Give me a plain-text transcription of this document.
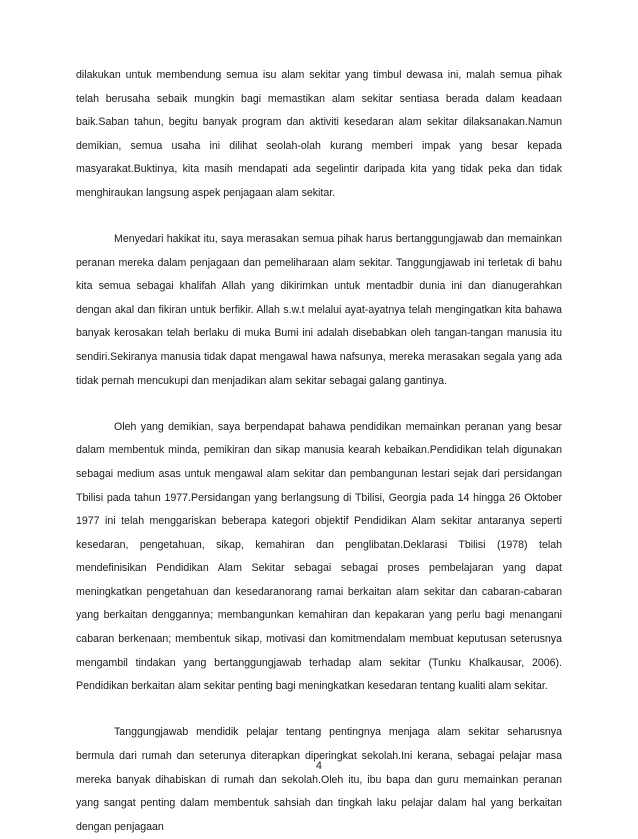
dilakukan untuk membendung semua isu alam sekitar yang timbul dewasa ini, malah semua pihak telah berusaha sebaik mungkin bagi memastikan alam sekitar sentiasa berada dalam keadaan baik.Saban tahun, begitu banyak program dan aktiviti kesedaran alam sekitar dilaksanakan.Namun demikian, semua usaha ini dilihat seolah-olah kurang memberi impak yang besar kepada masyarakat.Buktinya, kita masih mendapati ada segelintir daripada kita yang tidak peka dan tidak menghiraukan langsung aspek penjagaan alam sekitar.

Menyedari hakikat itu, saya merasakan semua pihak harus bertanggungjawab dan memainkan peranan mereka dalam penjagaan dan pemeliharaan alam sekitar. Tanggungjawab ini terletak di bahu kita semua sebagai khalifah Allah yang dikirimkan untuk mentadbir dunia ini dan dianugerahkan dengan akal dan fikiran untuk berfikir. Allah s.w.t melalui ayat-ayatnya telah mengingatkan kita bahawa banyak kerosakan telah berlaku di muka Bumi ini adalah disebabkan oleh tangan-tangan manusia itu sendiri.Sekiranya manusia tidak dapat mengawal hawa nafsunya, mereka merasakan segala yang ada tidak pernah mencukupi dan menjadikan alam sekitar sebagai galang gantinya.

Oleh yang demikian, saya berpendapat bahawa pendidikan memainkan peranan yang besar dalam membentuk minda, pemikiran dan sikap manusia kearah kebaikan.Pendidikan telah digunakan sebagai medium asas untuk mengawal alam sekitar dan pembangunan lestari sejak dari persidangan Tbilisi pada tahun 1977.Persidangan yang berlangsung di Tbilisi, Georgia pada 14 hingga 26 Oktober 1977 ini telah menggariskan beberapa kategori objektif Pendidikan Alam sekitar antaranya seperti kesedaran, pengetahuan, sikap, kemahiran dan penglibatan.Deklarasi Tbilisi (1978) telah mendefinisikan Pendidikan Alam Sekitar sebagai sebagai proses pembelajaran yang dapat meningkatkan pengetahuan dan kesedaranorang ramai berkaitan alam sekitar dan cabaran-cabaran yang berkaitan denggannya; membangunkan kemahiran dan kepakaran yang perlu bagi menangani cabaran berkenaan; membentuk sikap, motivasi dan komitmendalam membuat keputusan seterusnya mengambil tindakan yang bertanggungjawab terhadap alam sekitar (Tunku Khalkausar, 2006). Pendidikan berkaitan alam sekitar penting bagi meningkatkan kesedaran tentang kualiti alam sekitar.

Tanggungjawab mendidik pelajar tentang pentingnya menjaga alam sekitar seharusnya bermula dari rumah dan seterunya diterapkan diperingkat sekolah.Ini kerana, sebagai pelajar masa mereka banyak dihabiskan di rumah dan sekolah.Oleh itu, ibu bapa dan guru memainkan peranan yang sangat penting dalam membentuk sahsiah dan tingkah laku pelajar dalam hal yang berkaitan dengan penjagaan

4
